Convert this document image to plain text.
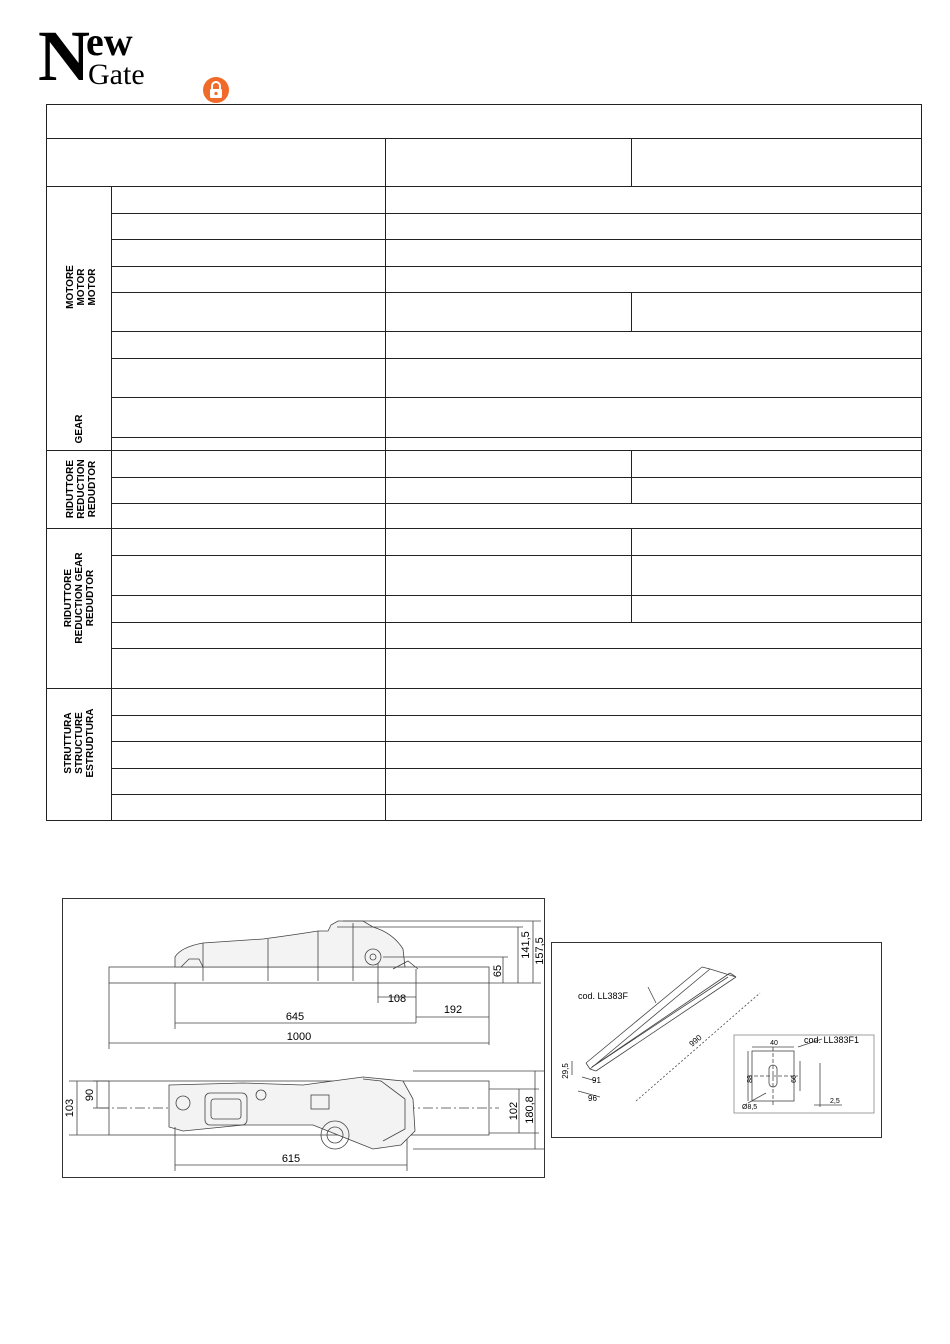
N
ew
Gate
MOTORE
MOTOR
MOTOR
GEAR
RIDUTTORE
REDUCTION
REDUDTOR
RIDUTTORE
REDUCTION GEAR
REDUDTOR
STRUTTURA
STRUCTURE
ESTRUDTURA
141,5 157,5
65
108
192
645
1000
90
103	102 180,8
615
cod. LL383F
cod. LL383F1
29,5
91
96
990	40
88	66
Ø8,5
2,5
